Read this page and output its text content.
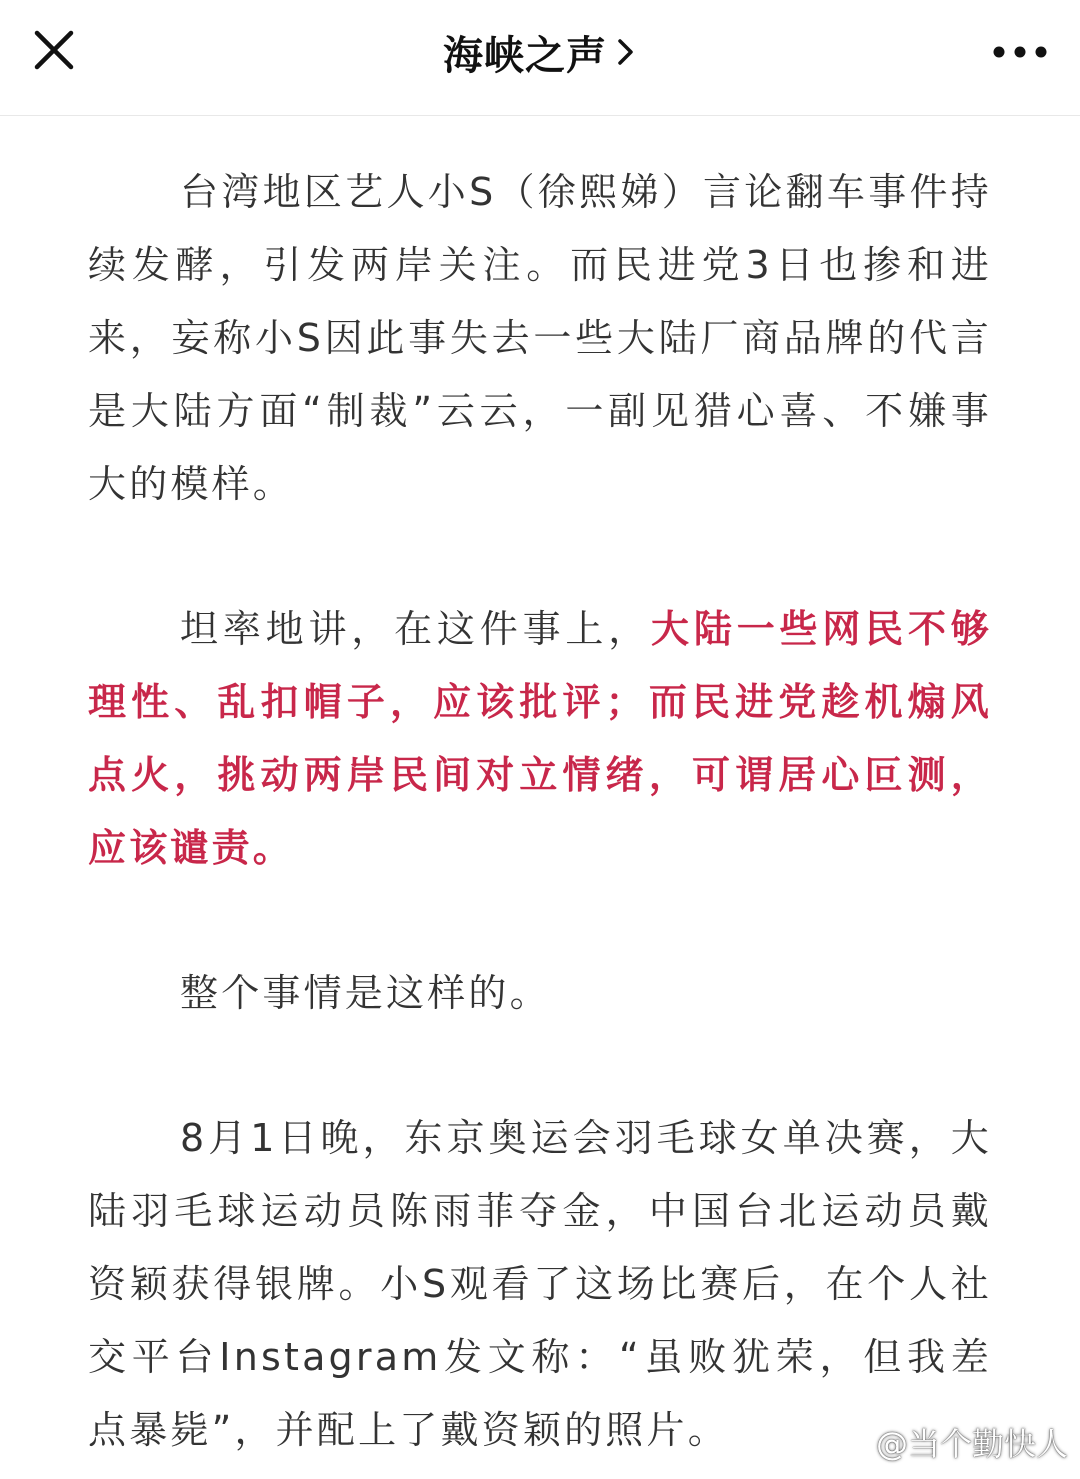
海峡之声

台湾地区艺人小S（徐熙娣）言论翻车事件持续发酵，引发两岸关注。而民进党3日也掺和进来，妄称小S因此事失去一些大陆厂商品牌的代言是大陆方面“制裁”云云，一副见猎心喜、不嫌事大的模样。

坦率地讲，在这件事上，大陆一些网民不够理性、乱扣帽子，应该批评；而民进党趁机煽风点火，挑动两岸民间对立情绪，可谓居心叵测，应该谴责。

整个事情是这样的。

8月1日晚，东京奥运会羽毛球女单决赛，大陆羽毛球运动员陈雨菲夺金，中国台北运动员戴资颖获得银牌。小S观看了这场比赛后，在个人社交平台Instagram发文称：“虽败犹荣，但我差点暴毙”，并配上了戴资颖的照片。	@当个勤快人
